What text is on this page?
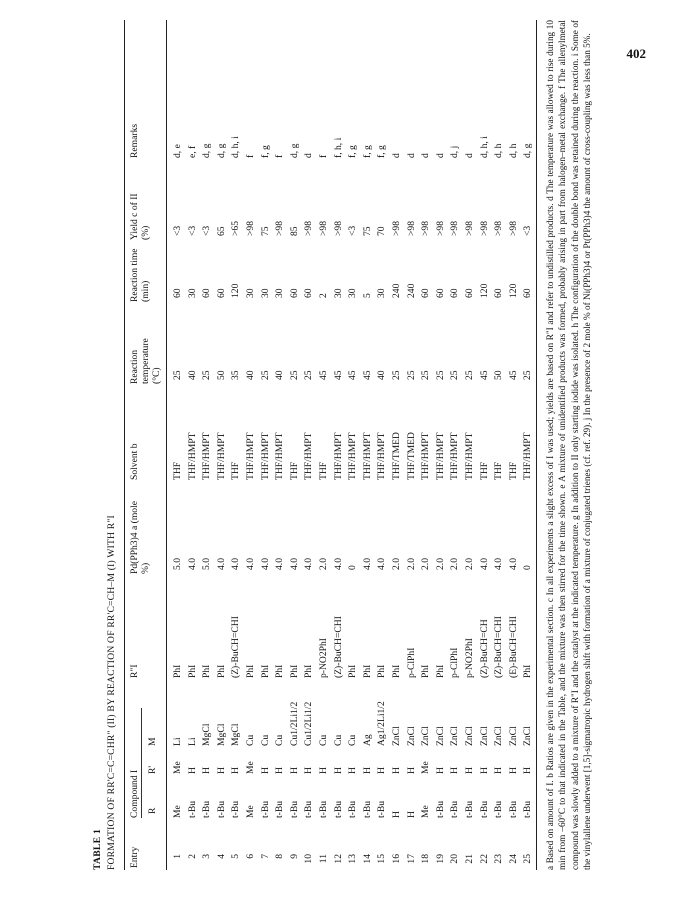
402
TABLE 1 FORMATION OF RR'C=C=CHR" (II) BY REACTION OF RR'C=CH–M (I) WITH R"I Entry
Compound I R
R'
M
R"I
Pd(PPh3)4 a (mole %)
Solvent b
Reaction temperature (°C)
Reaction time (min)
Yield c of II (%)
Remarks
1
Me
Me
Li
PhI
5.0
THF
25
60
<3
d, e
2
t-Bu
H
Li
PhI
4.0
THF/HMPT
40
30
<3
e, f
3
t-Bu
H
MgCl
PhI
5.0
THF/HMPT
25
60
<3
d, g
4
t-Bu
H
MgCl
PhI
4.0
THF/HMPT
50
60
65
d, g
5
t-Bu
H
MgCl
(Z)-BuCH=CHI
4.0
THF
35
120
>65
d, h, i
6
Me
Me
Cu
PhI
4.0
THF/HMPT
40
30
>98
f
7
t-Bu
H
Cu
PhI
4.0
THF/HMPT
25
30
75
f, g
8
t-Bu
H
Cu
PhI
4.0
THF/HMPT
40
30
>98
f
9
t-Bu
H
Cu1/2Li1/2
PhI
4.0
THF
25
60
85
d, g
10
t-Bu
H
Cu1/2Li1/2
PhI
4.0
THF/HMPT
25
60
>98
d
11
t-Bu
H
Cu
p-NO2PhI
2.0
THF
45
2
>98
f
12
t-Bu
H
Cu
(Z)-BuCH=CHI
4.0
THF/HMPT
45
30
>98
f, h, i
13
t-Bu
H
Cu
PhI
0
THF/HMPT
45
30
<3
f, g
14
t-Bu
H
Ag
PhI
4.0
THF/HMPT
45
5
75
f, g
15
t-Bu
H
Ag1/2Li1/2
PhI
4.0
THF/HMPT
40
30
70
f, g
16
H
H
ZnCl
PhI
2.0
THF/TMED
25
240
>98
d
17
H
H
ZnCl
p-ClPhI
2.0
THF/TMED
25
240
>98
d
18
Me
Me
ZnCl
PhI
2.0
THF/HMPT
25
60
>98
d
19
t-Bu
H
ZnCl
PhI
2.0
THF/HMPT
25
60
>98
d
20
t-Bu
H
ZnCl
p-ClPhI
2.0
THF/HMPT
25
60
>98
d, j
21
t-Bu
H
ZnCl
p-NO2PhI
2.0
THF/HMPT
25
60
>98
d
22
t-Bu
H
ZnCl
(Z)-BuCH=CH
4.0
THF
45
120
>98
d, h, i
23
t-Bu
H
ZnCl
(Z)-BuCH=CHI
4.0
THF
50
60
>98
d, h
24
t-Bu
H
ZnCl
(E)-BuCH=CHI
4.0
THF
45
120
>98
d, h
25
t-Bu
H
ZnCl
PhI
0
THF/HMPT
25
60
<3
d, g a Based on amount of I. b Ratios are given in the experimental section. c In all experiments a slight excess of I was used; yields are based on R"I and refer to undistilled products. d The temperature was allowed to rise during 10 min from –60°C to that indicated in the Table, and the mixture was then stirred for the time shown. e A mixture of unidentified products was formed, probably arising in part from halogen–metal exchange. f The allenylmetal compound was slowly added to a mixture of R"I and the catalyst at the indicated temperature. g In addition to II only starting iodide was isolated. h The configuration of the double bond was retained during the reaction. i Some of the vinylallene underwent [1,5]-sigmatropic hydrogen shift with formation of a mixture of conjugated trienes (cf. ref. 29). j In the presence of 2 mole % of Ni(PPh3)4 or Pt(PPh3)4 the amount of cross-coupling was less than 5%.
